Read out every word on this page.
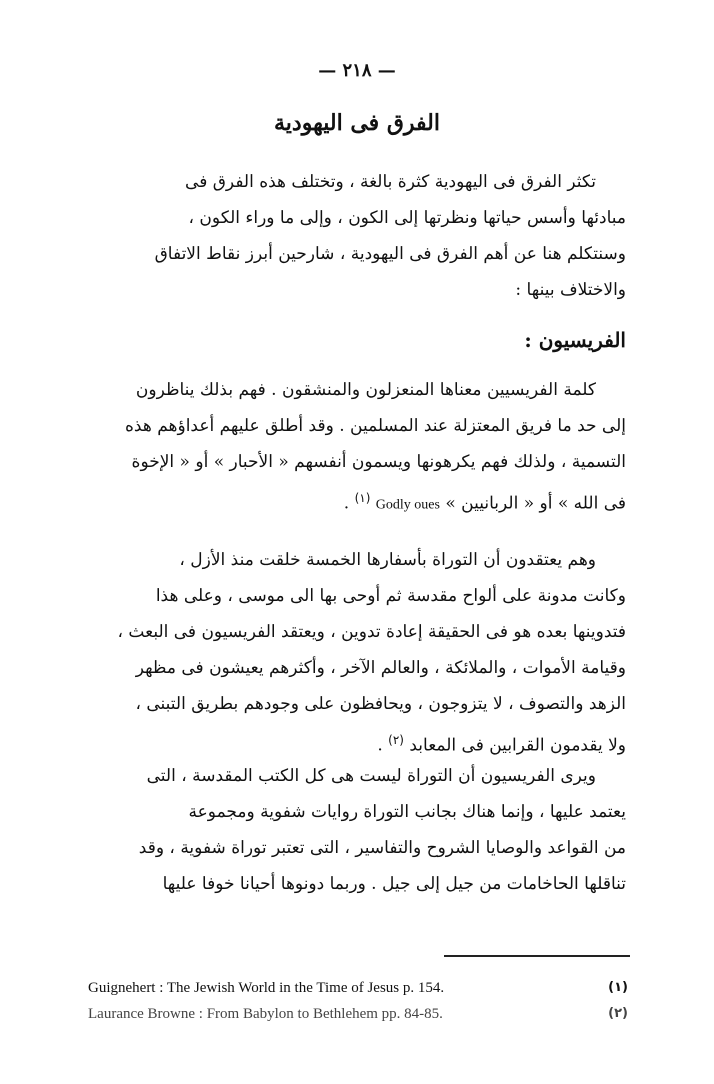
— ٢١٨ —
الفرق فى اليهودية

تكثر الفرق فى اليهودية كثرة بالغة ، وتختلف هذه الفرق فى
مبادئها وأسس حياتها ونظرتها إلى الكون ، وإلى ما وراء الكون ،
وسنتكلم هنا عن أهم الفرق فى اليهودية ، شارحين أبرز نقاط الاتفاق
والاختلاف بينها :

الفريسيون :

كلمة الفريسيين معناها المنعزلون والمنشقون . فهم بذلك يناظرون
إلى حد ما فريق المعتزلة عند المسلمين . وقد أطلق عليهم أعداؤهم هذه
التسمية ، ولذلك فهم يكرهونها ويسمون أنفسهم « الأحبار » أو « الإخوة
فى الله » أو « الربانيين » Godly oues $^{(١)}$ .

وهم يعتقدون أن التوراة بأسفارها الخمسة خلقت منذ الأزل ،
وكانت مدونة على ألواح مقدسة ثم أوحى بها الى موسى ، وعلى هذا
فتدوينها بعده هو فى الحقيقة إعادة تدوين ، ويعتقد الفريسيون فى البعث ،
وقيامة الأموات ، والملائكة ، والعالم الآخر ، وأكثرهم يعيشون فى مظهر
الزهد والتصوف ، لا يتزوجون ، ويحافظون على وجودهم بطريق التبنى ،
ولا يقدمون القرابين فى المعابد $^{(٢)}$ .

ويرى الفريسيون أن التوراة ليست هى كل الكتب المقدسة ، التى
يعتمد عليها ، وإنما هناك بجانب التوراة روايات شفوية ومجموعة
من القواعد والوصايا الشروح والتفاسير ، التى تعتبر توراة شفوية ، وقد
تناقلها الحاخامات من جيل إلى جيل . وربما دونوها أحيانا خوفا عليها

Guignehert : The Jewish World in the Time of Jesus p. 154.	(١)
Laurance Browne : From Babylon to Bethlehem pp. 84-85.	(٢)
